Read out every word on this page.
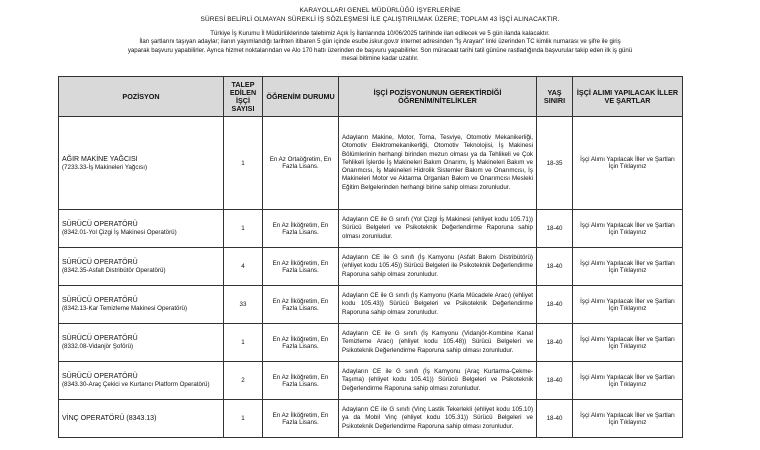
KARAYOLLARI GENEL MÜDÜRLÜĞÜ İŞYERLERİNE
SÜRESİ BELİRLİ OLMAYAN SÜREKLİ İŞ SÖZLEŞMESİ İLE ÇALIŞTIRILMAK ÜZERE; TOPLAM 43 İŞÇİ ALINACAKTIR.
Türkiye İş Kurumu İl Müdürlüklerinde talebimiz Açık İş İlanlarında 10/06/2025 tarihinde ilan edilecek ve 5 gün ilanda kalacaktır.
İlan şartlarını taşıyan adaylar; ilanın yayımlandığı tarihten itibaren 5 gün içinde esube.iskur.gov.tr internet adresinden "İş Arayan" linki üzerinden TC kimlik numarası ve şifre ile giriş
yaparak başvuru yapabilirler. Ayrıca hizmet noktalarından ve Alo 170 hattı üzerinden de başvuru yapabilirler. Son müracaat tarihi tatil gününe rastladığında başvurular takip eden ilk iş günü
mesai bitimine kadar uzatılır.
POZİSYON	TALEP EDİLEN İŞÇİ SAYISI	ÖĞRENİM DURUMU	İŞÇİ POZİSYONUNUN GEREKTİRDİĞİ ÖĞRENİM/NİTELİKLER	YAŞ SINIRI	İŞÇİ ALIMI YAPILACAK İLLER VE ŞARTLAR

AĞIR MAKİNE YAĞCISI
(7233.33-İş Makineleri Yağcısı)	1	En Az Ortaöğretim, En Fazla Lisans.	Adayların Makine, Motor, Torna, Tesviye, Otomotiv Mekanikerliği, Otomotiv Elektromekanikerliği, Otomotiv Teknolojisi, İş Makinesi Bölümlerinin herhangi birinden mezun olması ya da Tehlikeli ve Çok Tehlikeli İşlerde İş Makineleri Bakım Onarımı, İş Makineleri Bakım ve Onarımcısı, İş Makineleri Hidrolik Sistemler Bakım ve Onarımcısı, İş Makineleri Motor ve Aktarma Organları Bakım ve Onarımcısı Mesleki Eğitim Belgelerinden herhangi birine sahip olması zorunludur.	18-35	İşçi Alımı Yapılacak İller ve Şartları İçin Tıklayınız

SÜRÜCÜ OPERATÖRÜ
(8342.01-Yol Çizgi İş Makinesi Operatörü)	1	En Az İlköğretim, En Fazla Lisans.	Adayların CE ile G sınıfı (Yol Çizgi İş Makinesi (ehliyet kodu 105.71)) Sürücü Belgeleri ve Psikoteknik Değerlendirme Raporuna sahip olması zorunludur.	18-40	İşçi Alımı Yapılacak İller ve Şartları İçin Tıklayınız

SÜRÜCÜ OPERATÖRÜ
(8342.35-Asfalt Distribütör Operatörü)	4	En Az İlköğretim, En Fazla Lisans.	Adayların CE ile G sınıfı (İş Kamyonu (Asfalt Bakım Distribütörü) (ehliyet kodu 105.45)) Sürücü Belgeleri ile Psikoteknik Değerlendirme Raporuna sahip olması zorunludur.	18-40	İşçi Alımı Yapılacak İller ve Şartları İçin Tıklayınız

SÜRÜCÜ OPERATÖRÜ
(8342.13-Kar Temizleme Makinesi Operatörü)	33	En Az İlköğretim, En Fazla Lisans.	Adayların CE ile G sınıfı (İş Kamyonu (Karla Mücadele Aracı) (ehliyet kodu 105.43)) Sürücü Belgeleri ve Psikoteknik Değerlendirme Raporuna sahip olması zorunludur.	18-40	İşçi Alımı Yapılacak İller ve Şartları İçin Tıklayınız

SÜRÜCÜ OPERATÖRÜ
(8332.08-Vidanjör Şoförü)	1	En Az İlköğretim, En Fazla Lisans.	Adayların CE ile G sınıfı (İş Kamyonu (Vidanjör-Kombine Kanal Temizleme Aracı) (ehliyet kodu 105.48)) Sürücü Belgeleri ve Psikoteknik Değerlendirme Raporuna sahip olması zorunludur.	18-40	İşçi Alımı Yapılacak İller ve Şartları İçin Tıklayınız

SÜRÜCÜ OPERATÖRÜ
(8343.30-Araç Çekici ve Kurtarıcı Platform Operatörü)	2	En Az İlköğretim, En Fazla Lisans.	Adayların CE ile G sınıfı (İş Kamyonu (Araç Kurtarma-Çekme-Taşıma) (ehliyet kodu 105.41)) Sürücü Belgeleri ve Psikoteknik Değerlendirme Raporuna sahip olması zorunludur.	18-40	İşçi Alımı Yapılacak İller ve Şartları İçin Tıklayınız

VİNÇ OPERATÖRÜ (8343.13)	1	En Az İlköğretim, En Fazla Lisans.	Adayların CE ile G sınıfı (Vinç Lastik Tekerlekli (ehliyet kodu 105.10) ya da Mobil Vinç (ehliyet kodu 105.31)) Sürücü Belgeleri ve Psikoteknik Değerlendirme Raporuna sahip olması zorunludur.	18-40	İşçi Alımı Yapılacak İller ve Şartları İçin Tıklayınız
